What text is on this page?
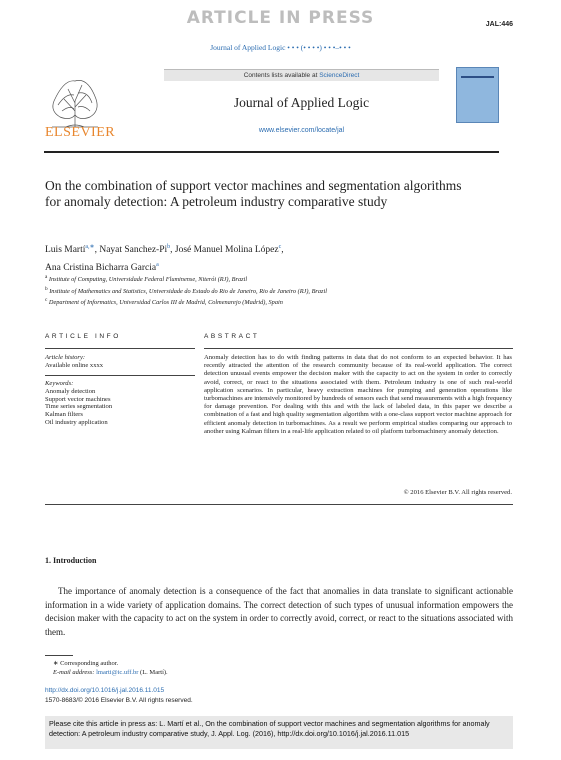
ARTICLE IN PRESS	JAL:446
Journal of Applied Logic • • • (• • • •) • • •–• • •
ELSEVIER
Contents lists available at ScienceDirect
Journal of Applied Logic
www.elsevier.com/locate/jal
On the combination of support vector machines and segmentation algorithms for anomaly detection: A petroleum industry comparative study
Luis Martí$^{a,∗}$, Nayat Sanchez-Pi$^b$, José Manuel Molina López$^c$,
Ana Cristina Bicharra Garcia$^a$
$^a$ Institute of Computing, Universidade Federal Fluminense, Niterói (RJ), Brazil
$^b$ Institute of Mathematics and Statistics, Universidade do Estado do Rio de Janeiro, Rio de Janeiro (RJ), Brazil
$^c$ Department of Informatics, Universidad Carlos III de Madrid, Colmenarejo (Madrid), Spain
ARTICLE INFO	ABSTRACT
Article history:
Available online xxxx
Keywords:
Anomaly detection
Support vector machines
Time series segmentation
Kalman filters
Oil industry application
Anomaly detection has to do with finding patterns in data that do not conform to an expected behavior. It has recently attracted the attention of the research community because of its real-world application. The correct detection unusual events empower the decision maker with the capacity to act on the system in order to correctly avoid, correct, or react to the situations associated with them. Petroleum industry is one of such real-world application scenarios. In particular, heavy extraction machines for pumping and generation operations like turbomachines are intensively monitored by hundreds of sensors each that send measurements with a high frequency for damage prevention. For dealing with this and with the lack of labeled data, in this paper we describe a combination of a fast and high quality segmentation algorithm with a one-class support vector machine approach for efficient anomaly detection in turbomachines. As a result we perform empirical studies comparing our approach to another using Kalman filters in a real-life application related to oil platform turbomachinery anomaly detection.
© 2016 Elsevier B.V. All rights reserved.
1. Introduction
The importance of anomaly detection is a consequence of the fact that anomalies in data translate to significant actionable information in a wide variety of application domains. The correct detection of such types of unusual information empowers the decision maker with the capacity to act on the system in order to correctly avoid, correct, or react to the situations associated with them.
∗ Corresponding author.
E-mail address: lmarti@ic.uff.br (L. Martí).
http://dx.doi.org/10.1016/j.jal.2016.11.015
1570-8683/© 2016 Elsevier B.V. All rights reserved.
Please cite this article in press as: L. Martí et al., On the combination of support vector machines and segmentation algorithms for anomaly detection: A petroleum industry comparative study, J. Appl. Log. (2016), http://dx.doi.org/10.1016/j.jal.2016.11.015
